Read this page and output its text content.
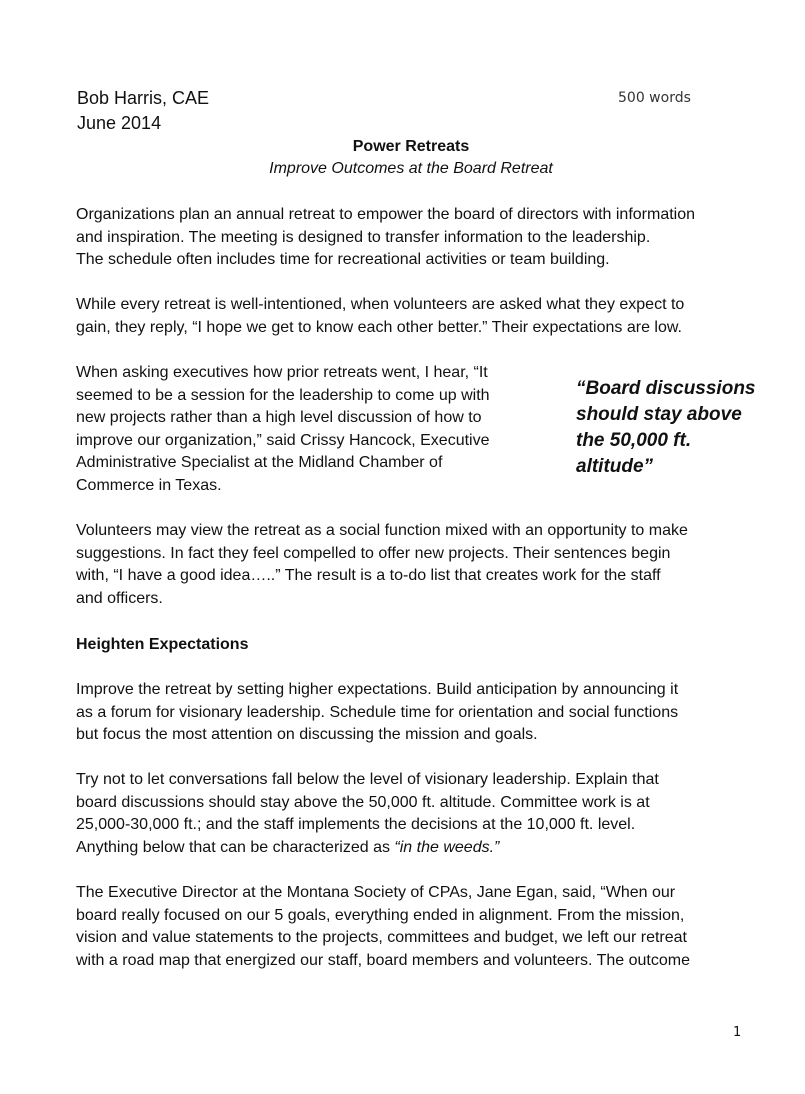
Bob Harris, CAE
June 2014
500 words
Power Retreats
Improve Outcomes at the Board Retreat
Organizations plan an annual retreat to empower the board of directors with information
and inspiration. The meeting is designed to transfer information to the leadership.
The schedule often includes time for recreational activities or team building.
While every retreat is well-intentioned, when volunteers are asked what they expect to
gain, they reply, “I hope we get to know each other better.” Their expectations are low.
When asking executives how prior retreats went, I hear, “It
seemed to be a session for the leadership to come up with
new projects rather than a high level discussion of how to
improve our organization,” said Crissy Hancock, Executive
Administrative Specialist at the Midland Chamber of
Commerce in Texas.
“Board discussions
should stay above
the 50,000 ft.
altitude”
Volunteers may view the retreat as a social function mixed with an opportunity to make
suggestions. In fact they feel compelled to offer new projects. Their sentences begin
with, “I have a good idea…..” The result is a to-do list that creates work for the staff
and officers.
Heighten Expectations
Improve the retreat by setting higher expectations. Build anticipation by announcing it
as a forum for visionary leadership. Schedule time for orientation and social functions
but focus the most attention on discussing the mission and goals.
Try not to let conversations fall below the level of visionary leadership. Explain that
board discussions should stay above the 50,000 ft. altitude. Committee work is at
25,000-30,000 ft.; and the staff implements the decisions at the 10,000 ft. level.
Anything below that can be characterized as “in the weeds.”
The Executive Director at the Montana Society of CPAs, Jane Egan, said, “When our
board really focused on our 5 goals, everything ended in alignment. From the mission,
vision and value statements to the projects, committees and budget, we left our retreat
with a road map that energized our staff, board members and volunteers. The outcome
1
